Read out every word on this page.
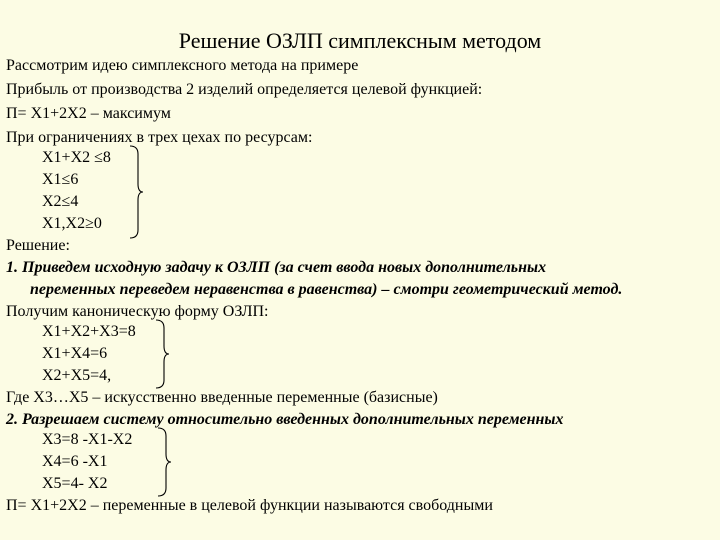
Решение ОЗЛП симплексным методом
Рассмотрим идею симплексного метода на примере
Прибыль от производства 2 изделий определяется целевой функцией:
П= Х1+2Х2 – максимум
При ограничениях в трех цехах по ресурсам:
Х1+Х2 ≤8
Х1≤6
Х2≤4
Х1,Х2≥0
Решение:
1. Приведем исходную задачу к ОЗЛП (за счет ввода новых дополнительных
переменных переведем неравенства в равенства) – смотри геометрический метод.
Получим каноническую форму ОЗЛП:
Х1+Х2+Х3=8
Х1+Х4=6
Х2+Х5=4,
Где Х3…Х5 – искусственно введенные переменные (базисные)
2. Разрешаем систему относительно введенных дополнительных переменных
Х3=8 -Х1-Х2
Х4=6 -Х1
Х5=4- Х2
П= Х1+2Х2 – переменные в целевой функции называются свободными
